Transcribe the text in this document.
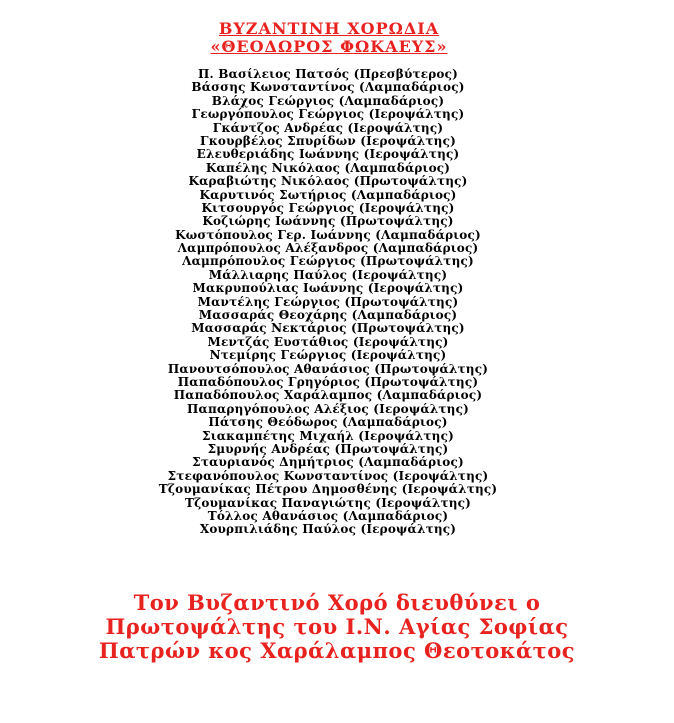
ΒΥΖΑΝΤΙΝΗ ΧΟΡΩΔΙΑ
«ΘΕΟΔΩΡΟΣ ΦΩΚΑΕΥΣ»
Π. Βασίλειος Πατσός (Πρεσβύτερος)
Βάσσης Κωνσταντίνος (Λαμπαδάριος)
Βλάχος Γεώργιος (Λαμπαδάριος)
Γεωργόπουλος Γεώργιος (Ιεροψάλτης)
Γκάντζος Ανδρέας (Ιεροψάλτης)
Γκουρβέλος Σπυρίδων (Ιεροψάλτης)
Ελευθεριάδης Ιωάννης (Ιεροψάλτης)
Καπέλης Νικόλαος (Λαμπαδάριος)
Καραβιώτης Νικόλαος (Πρωτοψάλτης)
Καρυτινός Σωτήριος (Λαμπαδάριος)
Κιτσουργός Γεώργιος (Ιεροψάλτης)
Κοζιώρης Ιωάννης (Πρωτοψάλτης)
Κωστόπουλος Γερ. Ιωάννης (Λαμπαδάριος)
Λαμπρόπουλος Αλέξανδρος (Λαμπαδάριος)
Λαμπρόπουλος Γεώργιος (Πρωτοψάλτης)
Μάλλιαρης Παύλος (Ιεροψάλτης)
Μακρυπούλιας Ιωάννης (Ιεροψάλτης)
Μαντέλης Γεώργιος (Πρωτοψάλτης)
Μασσαράς Θεοχάρης (Λαμπαδάριος)
Μασσαράς Νεκτάριος (Πρωτοψάλτης)
Μεντζάς Ευστάθιος (Ιεροψάλτης)
Ντεμίρης Γεώργιος (Ιεροψάλτης)
Πανουτσόπουλος Αθανάσιος (Πρωτοψάλτης)
Παπαδόπουλος Γρηγόριος (Πρωτοψάλτης)
Παπαδόπουλος Χαράλαμπος (Λαμπαδάριος)
Παπαρηγόπουλος Αλέξιος (Ιεροψάλτης)
Πάτσης Θεόδωρος (Λαμπαδάριος)
Σιακαμπέτης Μιχαήλ (Ιεροψάλτης)
Σμυρνής Ανδρέας (Πρωτοψάλτης)
Σταυριανός Δημήτριος (Λαμπαδάριος)
Στεφανόπουλος Κωνσταντίνος (Ιεροψάλτης)
Τζουμανίκας Πέτρου Δημοσθένης (Ιεροψάλτης)
Τζουμανίκας Παναγιώτης (Ιεροψάλτης)
Τόλλος Αθανάσιος (Λαμπαδάριος)
Χουρπιλιάδης Παύλος (Ιεροψάλτης)
Τον Βυζαντινό Χορό διευθύνει ο
Πρωτοψάλτης του Ι.Ν. Αγίας Σοφίας
Πατρών κος Χαράλαμπος Θεοτοκάτος
